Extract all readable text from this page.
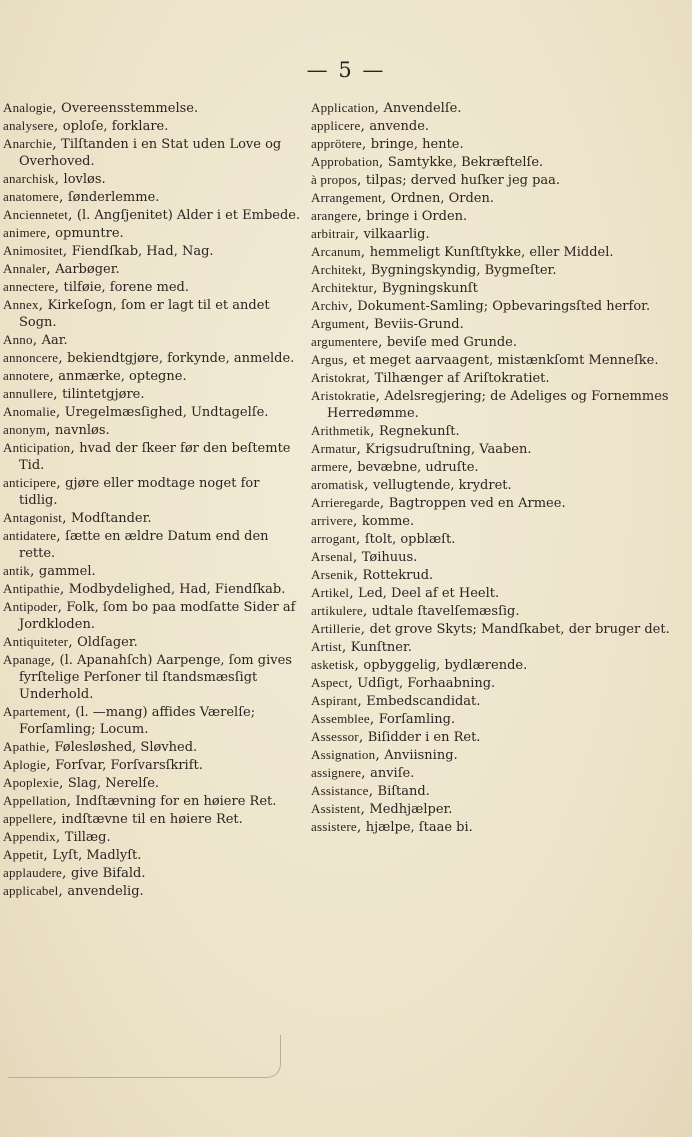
— 5 —
Analogie, Overeensstemmelse.
analysere, oploſe, forklare.
Anarchie, Tilſtanden i en Stat uden Love og Overhoved.
anarchisk, lovløs.
anatomere, ſønderlemme.
Anciennetet, (l. Angſjenitet) Alder i et Embede.
animere, opmuntre.
Animositet, Fiendſkab, Had, Nag.
Annaler, Aarbøger.
annectere, tilføie, forene med.
Annex, Kirkeſogn, ſom er lagt til et andet Sogn.
Anno, Aar.
annoncere, bekiendtgjøre, forkynde, anmelde.
annotere, anmærke, optegne.
annullere, tilintetgjøre.
Anomalie, Uregelmæsſighed, Undtagelſe.
anonym, navnløs.
Anticipation, hvad der ſkeer før den beſtemte Tid.
anticipere, gjøre eller modtage noget for tidlig.
Antagonist, Modſtander.
antidatere, ſætte en ældre Datum end den rette.
antik, gammel.
Antipathie, Modbydelighed, Had, Fiendſkab.
Antipoder, Folk, ſom bo paa modſatte Sider af Jordkloden.
Antiquiteter, Oldſager.
Apanage, (l. Apanahſch) Aarpenge, ſom gives fyrſtelige Perſoner til ſtandsmæsſigt Underhold.
Apartement, (l. —mang) affides Værelſe; Forſamling; Locum.
Apathie, Følesløshed, Sløvhed.
Aplogie, Forſvar, Forſvarsſkrift.
Apoplexie, Slag, Nerelſe.
Appellation, Indſtævning for en høiere Ret.
appellere, indſtævne til en høiere Ret.
Appendix, Tillæg.
Appetit, Lyſt, Madlyſt.
applaudere, give Bifald.
applicabel, anvendelig.
Application, Anvendelſe.
applicere, anvende.
apprötere, bringe, hente.
Approbation, Samtykke, Bekræftelſe.
à propos, tilpas; derved huſker jeg paa.
Arrangement, Ordnen, Orden.
arangere, bringe i Orden.
arbitrair, vilkaarlig.
Arcanum, hemmeligt Kunſtſtykke, eller Middel.
Architekt, Bygningskyndig, Bygmeſter.
Architektur, Bygningskunſt
Archiv, Dokument-Samling; Opbevaringsſted herfor.
Argument, Beviis-Grund.
argumentere, beviſe med Grunde.
Argus, et meget aarvaagent, mistænkſomt Menneſke.
Aristokrat, Tilhænger af Ariſtokratiet.
Aristokratie, Adelsregjering; de Adeliges og Fornemmes Herredømme.
Arithmetik, Regnekunſt.
Armatur, Krigsudruſtning, Vaaben.
armere, bevæbne, udruſte.
aromatisk, vellugtende, krydret.
Arrieregarde, Bagtroppen ved en Armee.
arrivere, komme.
arrogant, ſtolt, opblæſt.
Arsenal, Tøihuus.
Arsenik, Rottekrud.
Artikel, Led, Deel af et Heelt.
artikulere, udtale ſtavelſemæsſig.
Artillerie, det grove Skyts; Mandſkabet, der bruger det.
Artist, Kunſtner.
asketisk, opbyggelig, bydlærende.
Aspect, Udſigt, Forhaabning.
Aspirant, Embedscandidat.
Assemblee, Forſamling.
Assessor, Biſidder i en Ret.
Assignation, Anviisning.
assignere, anviſe.
Assistance, Biſtand.
Assistent, Medhjælper.
assistere, hjælpe, ſtaae bi.
